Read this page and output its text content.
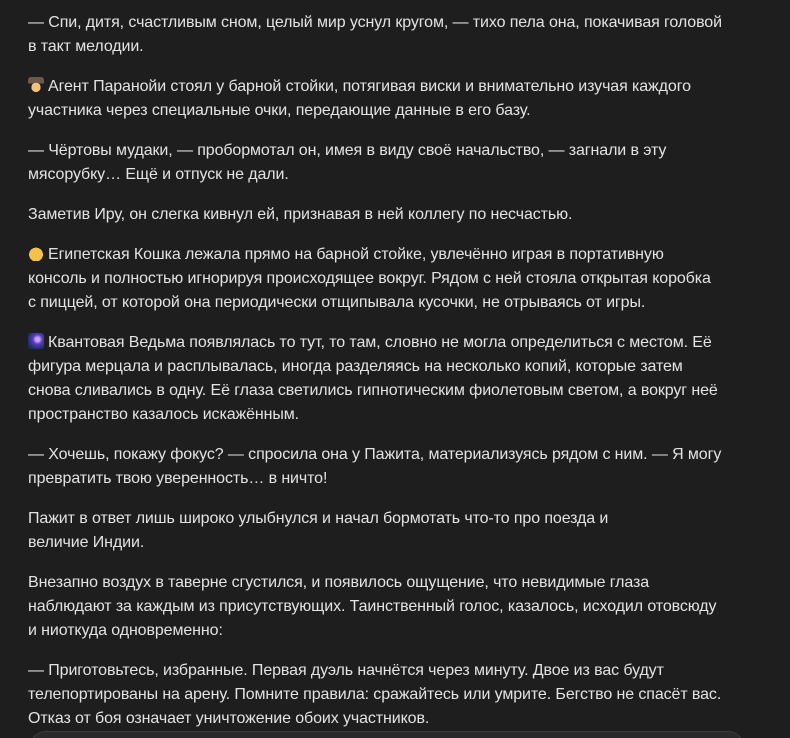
— Спи, дитя, счастливым сном, целый мир уснул кругом, — тихо пела она, покачивая головой
в такт мелодии.

Агент Паранойи стоял у барной стойки, потягивая виски и внимательно изучая каждого
участника через специальные очки, передающие данные в его базу.

— Чёртовы мудаки, — пробормотал он, имея в виду своё начальство, — загнали в эту
мясорубку… Ещё и отпуск не дали.

Заметив Иру, он слегка кивнул ей, признавая в ней коллегу по несчастью.

Египетская Кошка лежала прямо на барной стойке, увлечённо играя в портативную
консоль и полностью игнорируя происходящее вокруг. Рядом с ней стояла открытая коробка
с пиццей, от которой она периодически отщипывала кусочки, не отрываясь от игры.

Квантовая Ведьма появлялась то тут, то там, словно не могла определиться с местом. Её
фигура мерцала и расплывалась, иногда разделяясь на несколько копий, которые затем
снова сливались в одну. Её глаза светились гипнотическим фиолетовым светом, а вокруг неё
пространство казалось искажённым.

— Хочешь, покажу фокус? — спросила она у Пажита, материализуясь рядом с ним. — Я могу
превратить твою уверенность… в ничто!

Пажит в ответ лишь широко улыбнулся и начал бормотать что-то про поезда и
величие Индии.

Внезапно воздух в таверне сгустился, и появилось ощущение, что невидимые глаза
наблюдают за каждым из присутствующих. Таинственный голос, казалось, исходил отовсюду
и ниоткуда одновременно:

— Приготовьтесь, избранные. Первая дуэль начнётся через минуту. Двое из вас будут
телепортированы на арену. Помните правила: сражайтесь или умрите. Бегство не спасёт вас.
Отказ от боя означает уничтожение обоих участников.
